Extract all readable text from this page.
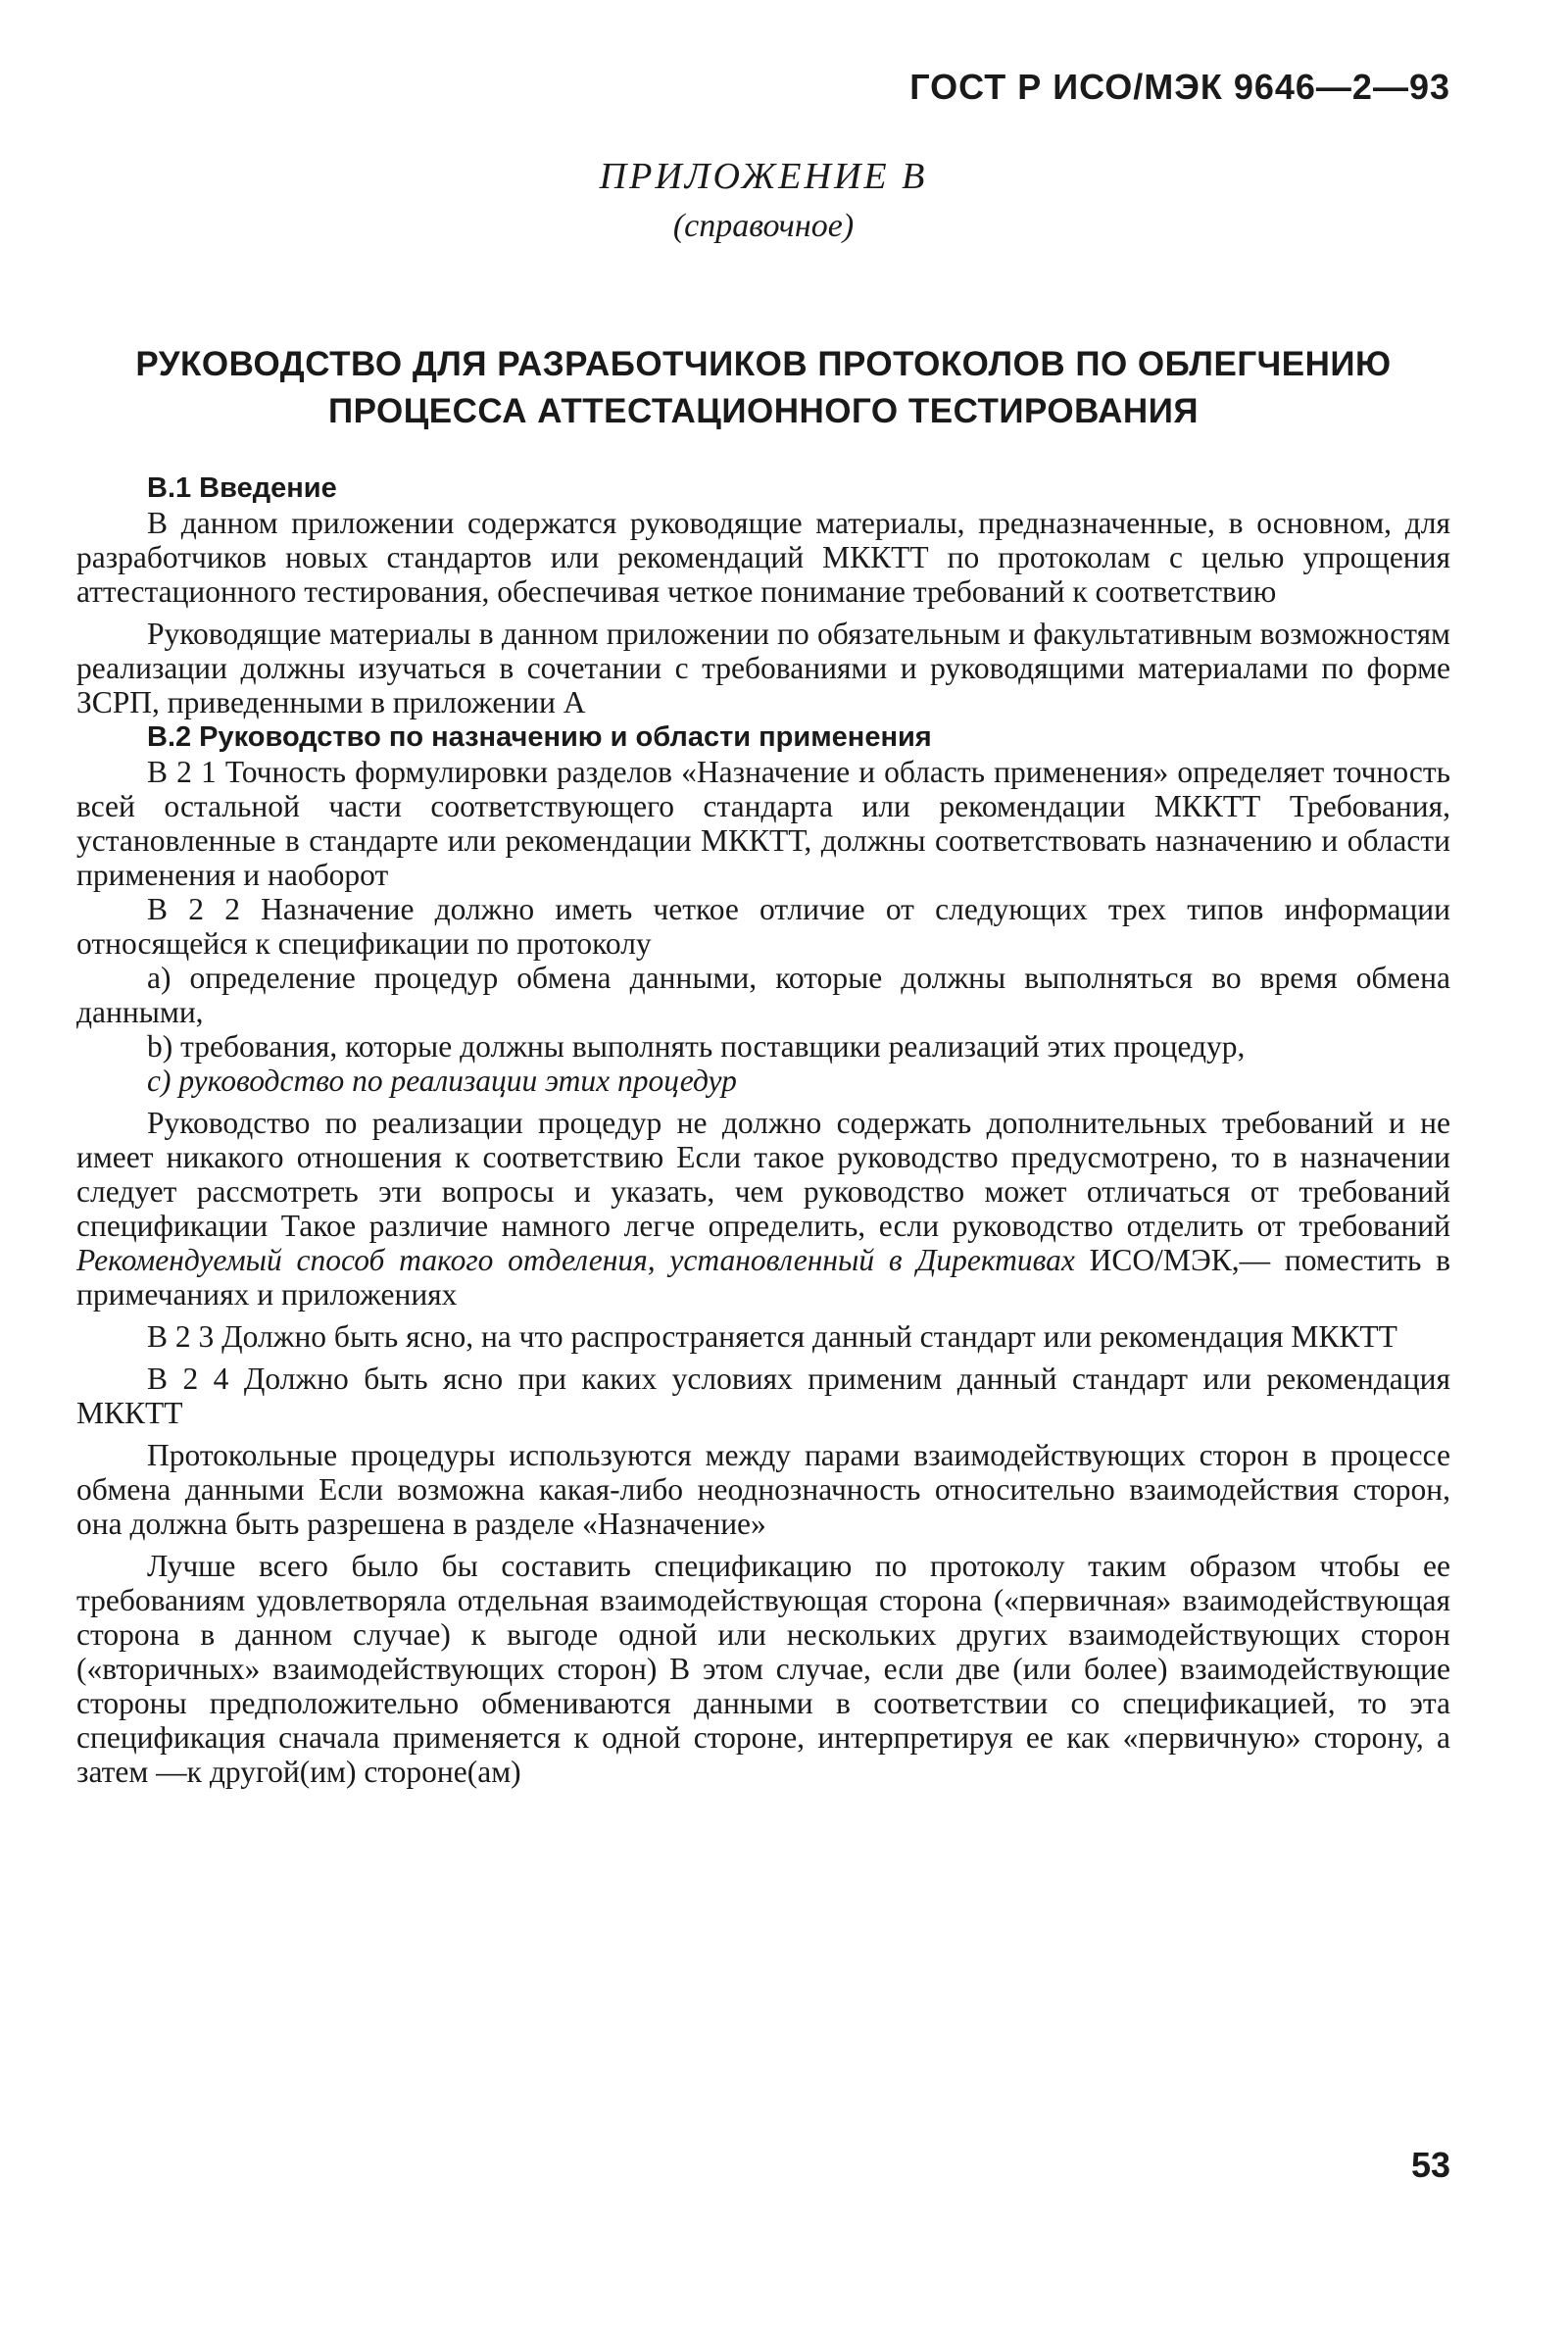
ГОСТ Р ИСО/МЭК 9646—2—93
ПРИЛОЖЕНИЕ В
(справочное)
РУКОВОДСТВО ДЛЯ РАЗРАБОТЧИКОВ ПРОТОКОЛОВ ПО ОБЛЕГЧЕНИЮ
ПРОЦЕССА АТТЕСТАЦИОННОГО ТЕСТИРОВАНИЯ
В.1 Введение
В данном приложении содержатся руководящие материалы, предназначенные, в основном, для разработчиков новых стандартов или рекомендаций МККТТ по протоколам с целью упрощения аттестационного тестирования, обеспечивая четкое понимание требований к соответствию
Руководящие материалы в данном приложении по обязательным и факультативным возможностям реализации должны изучаться в сочетании с требованиями и руководящими материалами по форме ЗСРП, приведенными в приложении А
В.2 Руководство по назначению и области применения
В 2 1 Точность формулировки разделов «Назначение и область применения» определяет точность всей остальной части соответствующего стандарта или рекомендации МККТТ Требования, установленные в стандарте или рекомендации МККТТ, должны соответствовать назначению и области применения и наоборот
В 2 2 Назначение должно иметь четкое отличие от следующих трех типов информации относящейся к спецификации по протоколу
а) определение процедур обмена данными, которые должны выполняться во время обмена данными,
b) требования, которые должны выполнять поставщики реализаций этих процедур,
с) руководство по реализации этих процедур
Руководство по реализации процедур не должно содержать дополнительных требований и не имеет никакого отношения к соответствию Если такое руководство предусмотрено, то в назначении следует рассмотреть эти вопросы и указать, чем руководство может отличаться от требований спецификации Такое различие намного легче определить, если руководство отделить от требований Рекомендуемый способ такого отделения, установленный в Директивах ИСО/МЭК,— поместить в примечаниях и приложениях
В 2 3 Должно быть ясно, на что распространяется данный стандарт или рекомендация МККТТ
В 2 4 Должно быть ясно при каких условиях применим данный стандарт или рекомендация МККТТ
Протокольные процедуры используются между парами взаимодействующих сторон в процессе обмена данными Если возможна какая-либо неоднозначность относительно взаимодействия сторон, она должна быть разрешена в разделе «Назначение»
Лучше всего было бы составить спецификацию по протоколу таким образом чтобы ее требованиям удовлетворяла отдельная взаимодействующая сторона («первичная» взаимодействующая сторона в данном случае) к выгоде одной или нескольких других взаимодействующих сторон («вторичных» взаимодействующих сторон) В этом случае, если две (или более) взаимодействующие стороны предположительно обмениваются данными в соответствии со спецификацией, то эта спецификация сначала применяется к одной стороне, интерпретируя ее как «первичную» сторону, а затем —к другой(им) стороне(ам)
53
